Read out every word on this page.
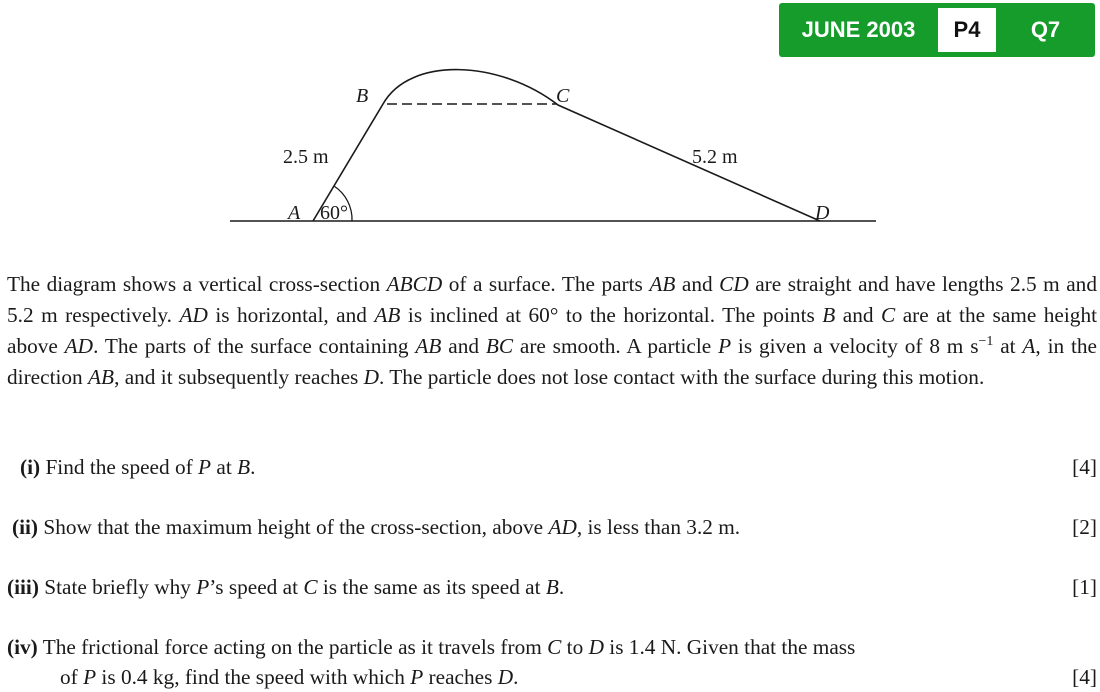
JUNE 2003	P4	Q7
B	C
A	D
2.5 m	5.2 m
60°

The diagram shows a vertical cross-section ABCD of a surface. The parts AB and CD are straight and have lengths 2.5 m and 5.2 m respectively. AD is horizontal, and AB is inclined at 60° to the horizontal. The points B and C are at the same height above AD. The parts of the surface containing AB and BC are smooth. A particle P is given a velocity of 8 m $s^{-1}$ at A, in the direction AB, and it subsequently reaches D. The particle does not lose contact with the surface during this motion.

(i) Find the speed of P at B.	[4]
(ii) Show that the maximum height of the cross-section, above AD, is less than 3.2 m.	[2]
(iii) State briefly why P’s speed at C is the same as its speed at B.	[1]
(iv) The frictional force acting on the particle as it travels from C to D is 1.4 N. Given that the mass
of P is 0.4 kg, find the speed with which P reaches D.	[4]
